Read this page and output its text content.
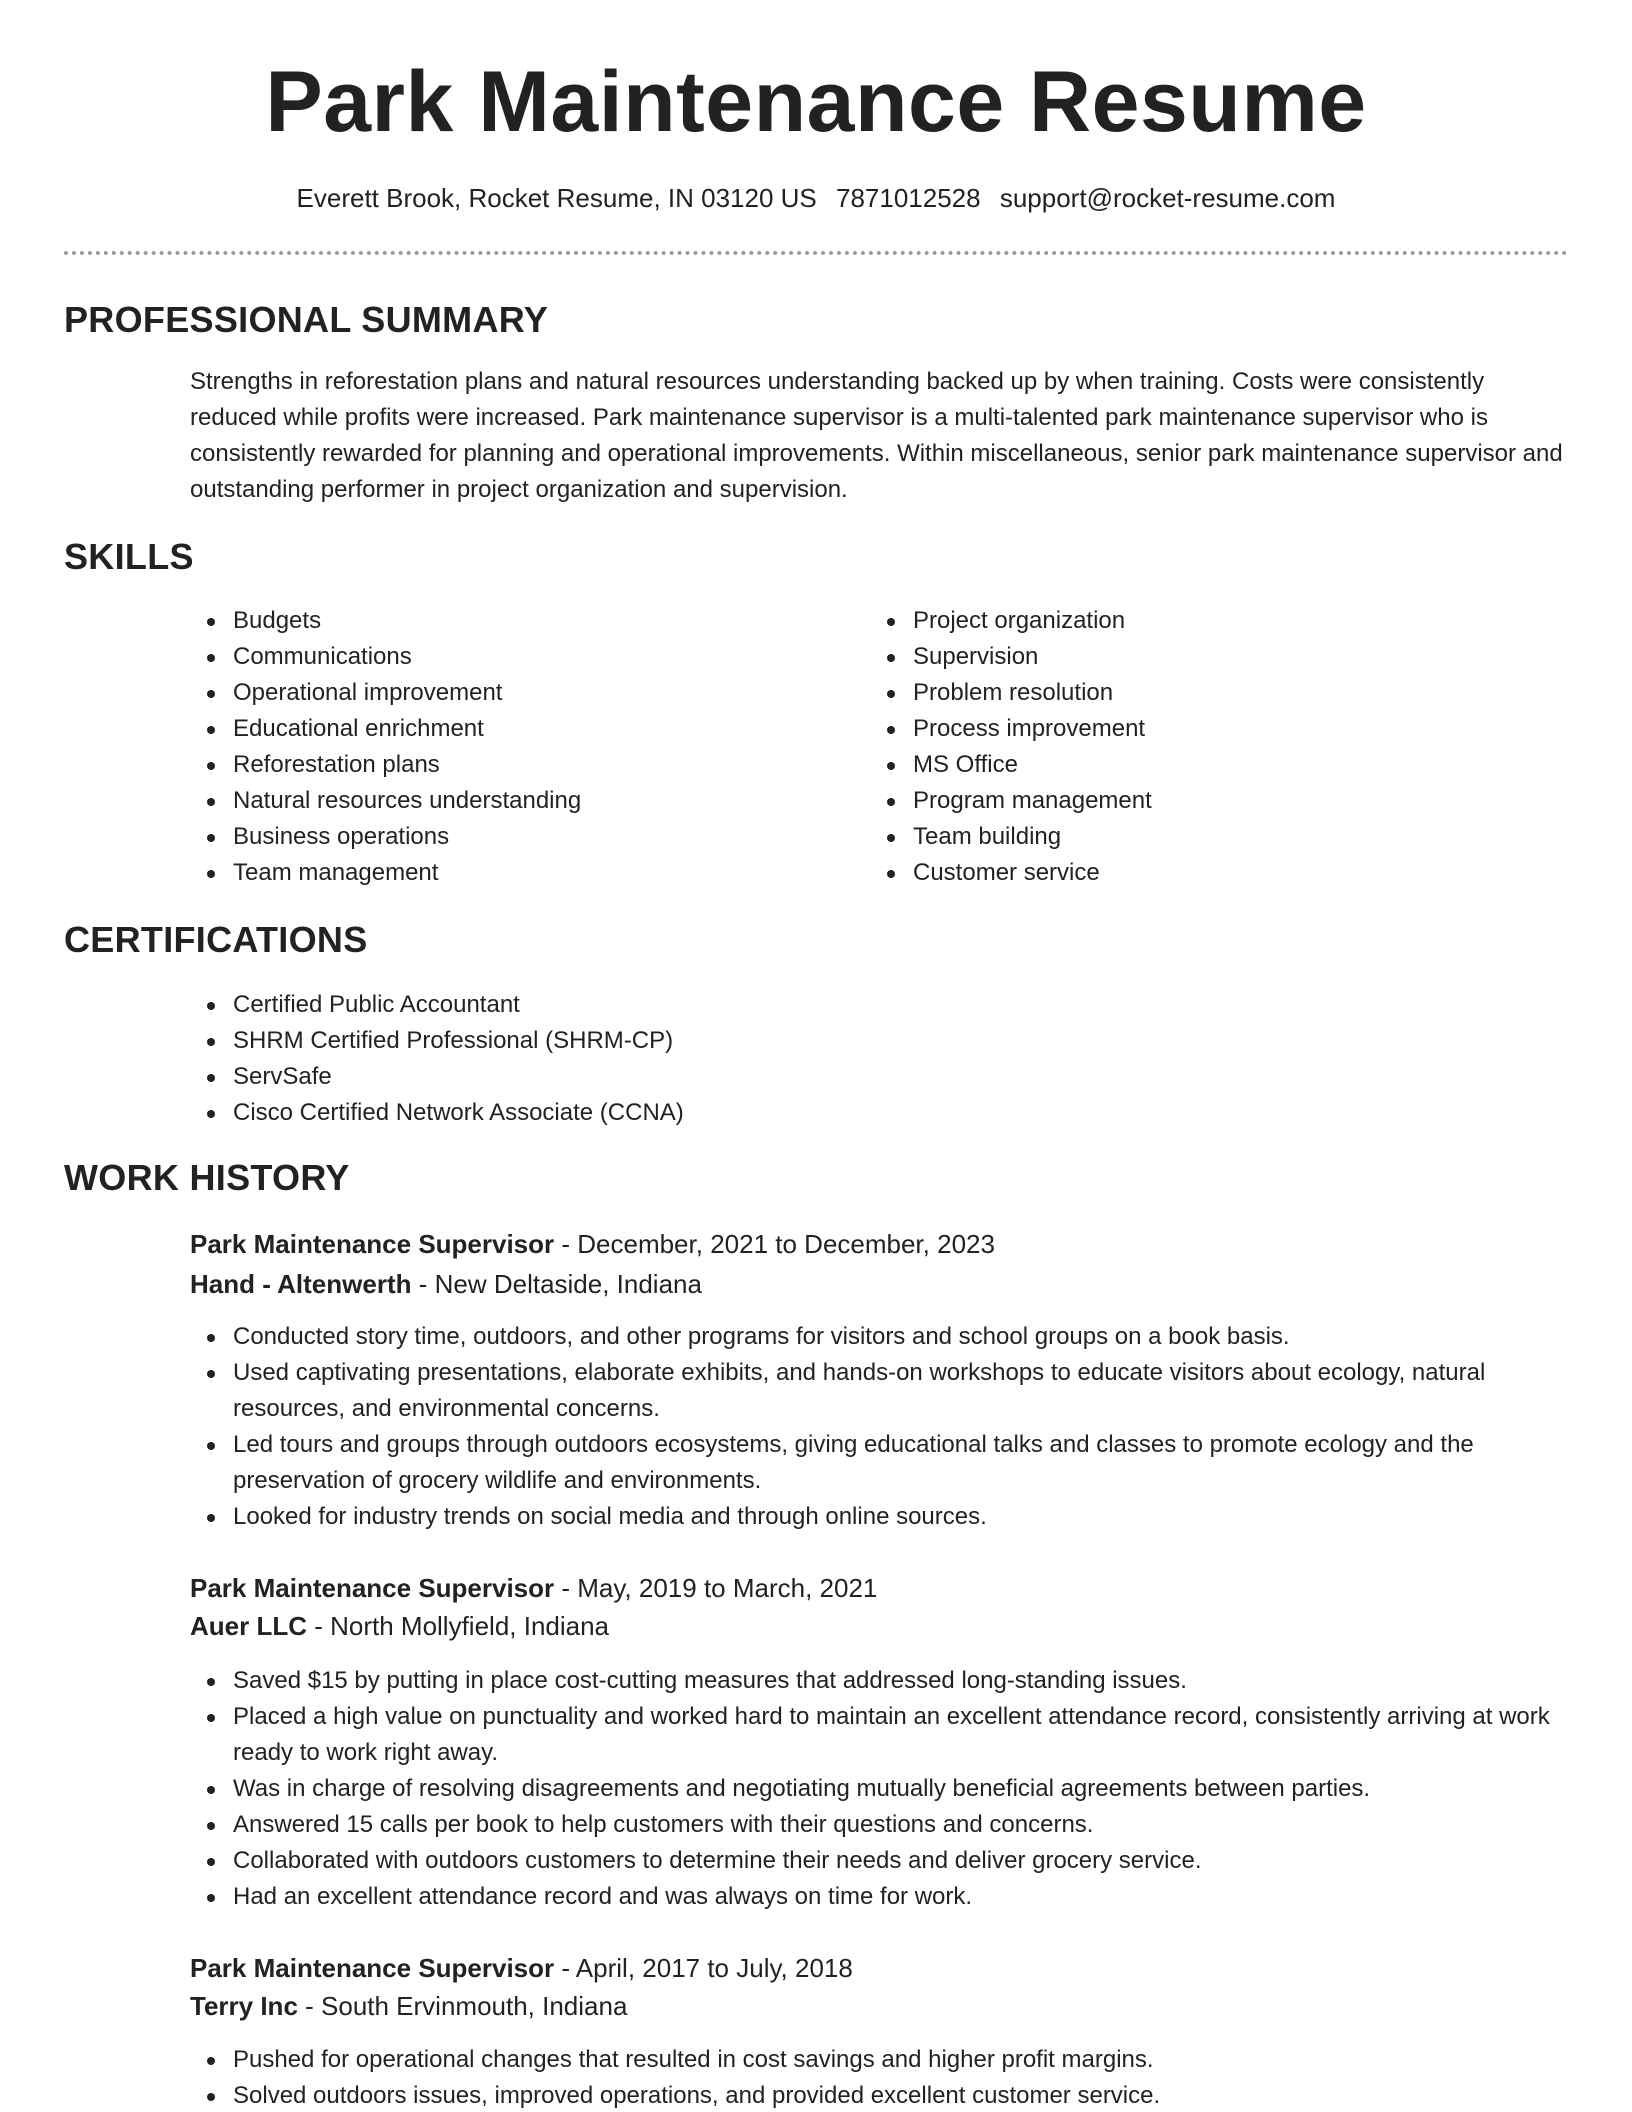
Park Maintenance Resume
Everett Brook, Rocket Resume, IN 03120 US 7871012528 support@rocket-resume.com
PROFESSIONAL SUMMARY

Strengths in reforestation plans and natural resources understanding backed up by when training. Costs were consistently reduced while profits were increased. Park maintenance supervisor is a multi-talented park maintenance supervisor who is consistently rewarded for planning and operational improvements. Within miscellaneous, senior park maintenance supervisor and outstanding performer in project organization and supervision.

SKILLS
Budgets
Communications
Operational improvement
Educational enrichment
Reforestation plans
Natural resources understanding
Business operations
Team management
Project organization
Supervision
Problem resolution
Process improvement
MS Office
Program management
Team building
Customer service
CERTIFICATIONS
Certified Public Accountant
SHRM Certified Professional (SHRM-CP)
ServSafe
Cisco Certified Network Associate (CCNA)
WORK HISTORY
Park Maintenance Supervisor - December, 2021 to December, 2023
Hand - Altenwerth - New Deltaside, Indiana
Conducted story time, outdoors, and other programs for visitors and school groups on a book basis.
Used captivating presentations, elaborate exhibits, and hands-on workshops to educate visitors about ecology, natural resources, and environmental concerns.
Led tours and groups through outdoors ecosystems, giving educational talks and classes to promote ecology and the preservation of grocery wildlife and environments.
Looked for industry trends on social media and through online sources.
Park Maintenance Supervisor - May, 2019 to March, 2021
Auer LLC - North Mollyfield, Indiana
Saved $15 by putting in place cost-cutting measures that addressed long-standing issues.
Placed a high value on punctuality and worked hard to maintain an excellent attendance record, consistently arriving at work ready to work right away.
Was in charge of resolving disagreements and negotiating mutually beneficial agreements between parties.
Answered 15 calls per book to help customers with their questions and concerns.
Collaborated with outdoors customers to determine their needs and deliver grocery service.
Had an excellent attendance record and was always on time for work.
Park Maintenance Supervisor - April, 2017 to July, 2018
Terry Inc - South Ervinmouth, Indiana
Pushed for operational changes that resulted in cost savings and higher profit margins.
Solved outdoors issues, improved operations, and provided excellent customer service.
